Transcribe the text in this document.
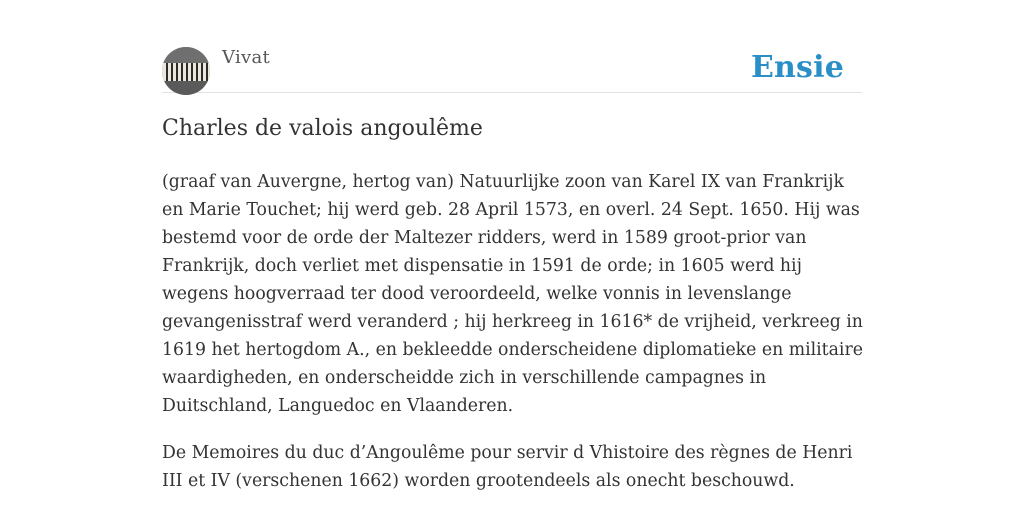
Vivat	Ensie
Charles de valois angoulême

(graaf van Auvergne, hertog van) Natuurlijke zoon van Karel IX van Frankrijk en Marie Touchet; hij werd geb. 28 April 1573, en overl. 24 Sept. 1650. Hij was bestemd voor de orde der Maltezer ridders, werd in 1589 groot-prior van Frankrijk, doch verliet met dispensatie in 1591 de orde; in 1605 werd hij wegens hoogverraad ter dood veroordeeld, welke vonnis in levenslange gevangenisstraf werd veranderd ; hij herkreeg in 1616* de vrijheid, verkreeg in 1619 het hertogdom A., en bekleedde onderscheidene diplomatieke en militaire waardigheden, en onderscheidde zich in verschillende campagnes in Duitschland, Languedoc en Vlaanderen.

De Memoires du duc d’Angoulême pour servir d Vhistoire des règnes de Henri III et IV (verschenen 1662) worden grootendeels als onecht beschouwd.
